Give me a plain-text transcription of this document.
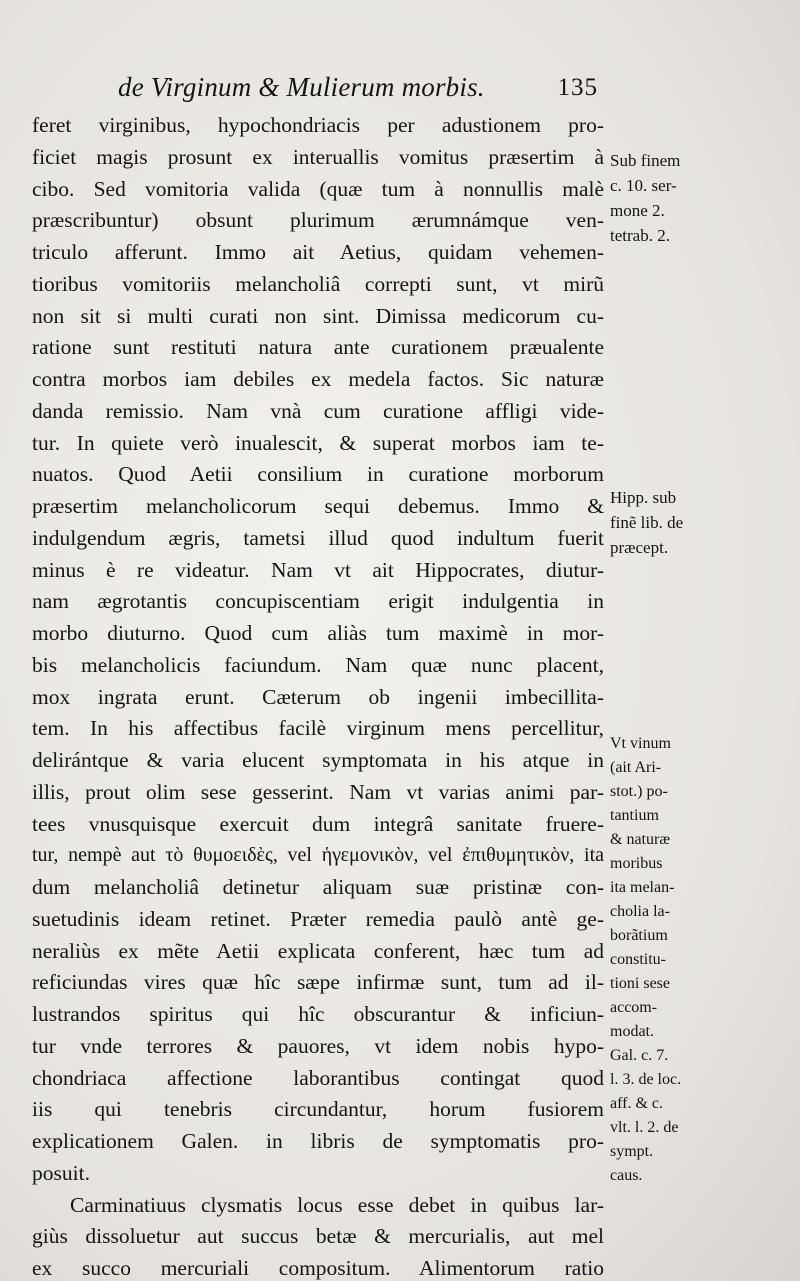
de Virginum & Mulierum morbis.	135
feret virginibus, hypochondriacis per adustionem pro-
ficiet magis prosunt ex interuallis vomitus præsertim à
cibo. Sed vomitoria valida (quæ tum à nonnullis malè
præscribuntur) obsunt plurimum ærumnámque ven-
triculo afferunt. Immo ait Aetius, quidam vehemen-
tioribus vomitoriis melancholiâ correpti sunt, vt mirũ
non sit si multi curati non sint. Dimissa medicorum cu-
ratione sunt restituti natura ante curationem præualente
contra morbos iam debiles ex medela factos. Sic naturæ
danda remissio. Nam vnà cum curatione affligi vide-
tur. In quiete verò inualescit, & superat morbos iam te-
nuatos. Quod Aetii consilium in curatione morborum
præsertim melancholicorum sequi debemus. Immo &
indulgendum ægris, tametsi illud quod indultum fuerit
minus è re videatur. Nam vt ait Hippocrates, diutur-
nam ægrotantis concupiscentiam erigit indulgentia in
morbo diuturno. Quod cum aliàs tum maximè in mor-
bis melancholicis faciundum. Nam quæ nunc placent,
mox ingrata erunt. Cæterum ob ingenii imbecillita-
tem. In his affectibus facilè virginum mens percellitur,
delirántque & varia elucent symptomata in his atque in
illis, prout olim sese gesserint. Nam vt varias animi par-
tees vnusquisque exercuit dum integrâ sanitate fruere-
tur, nempè aut τὸ θυμοειδὲς, vel ἡγεμονικὸν, vel ἐπιθυμητικὸν, ita
dum melancholiâ detinetur aliquam suæ pristinæ con-
suetudinis ideam retinet. Præter remedia paulò antè ge-
neraliùs ex mẽte Aetii explicata conferent, hæc tum ad
reficiundas vires quæ hîc sæpe infirmæ sunt, tum ad il-
lustrandos spiritus qui hîc obscurantur & inficiun-
tur vnde terrores & pauores, vt idem nobis hypo-
chondriaca affectione laborantibus contingat quod
iis qui tenebris circundantur, horum fusiorem
explicationem Galen. in libris de symptomatis pro-
posuit.
Carminatiuus clysmatis locus esse debet in quibus lar-
giùs dissoluetur aut succus betæ & mercurialis, aut mel
ex succo mercuriali compositum. Alimentorum ratio
Sub finem
c. 10. ser-
mone 2.
tetrab. 2.
Hipp. sub
finẽ lib. de
præcept.
Vt vinum
(ait Ari-
stot.) po-
tantium
& naturæ
moribus
ita melan-
cholia la-
borãtium
constitu-
tioni sese
accom-
modat.
Gal. c. 7.
l. 3. de loc.
aff. & c.
vlt. l. 2. de
sympt.
caus.
